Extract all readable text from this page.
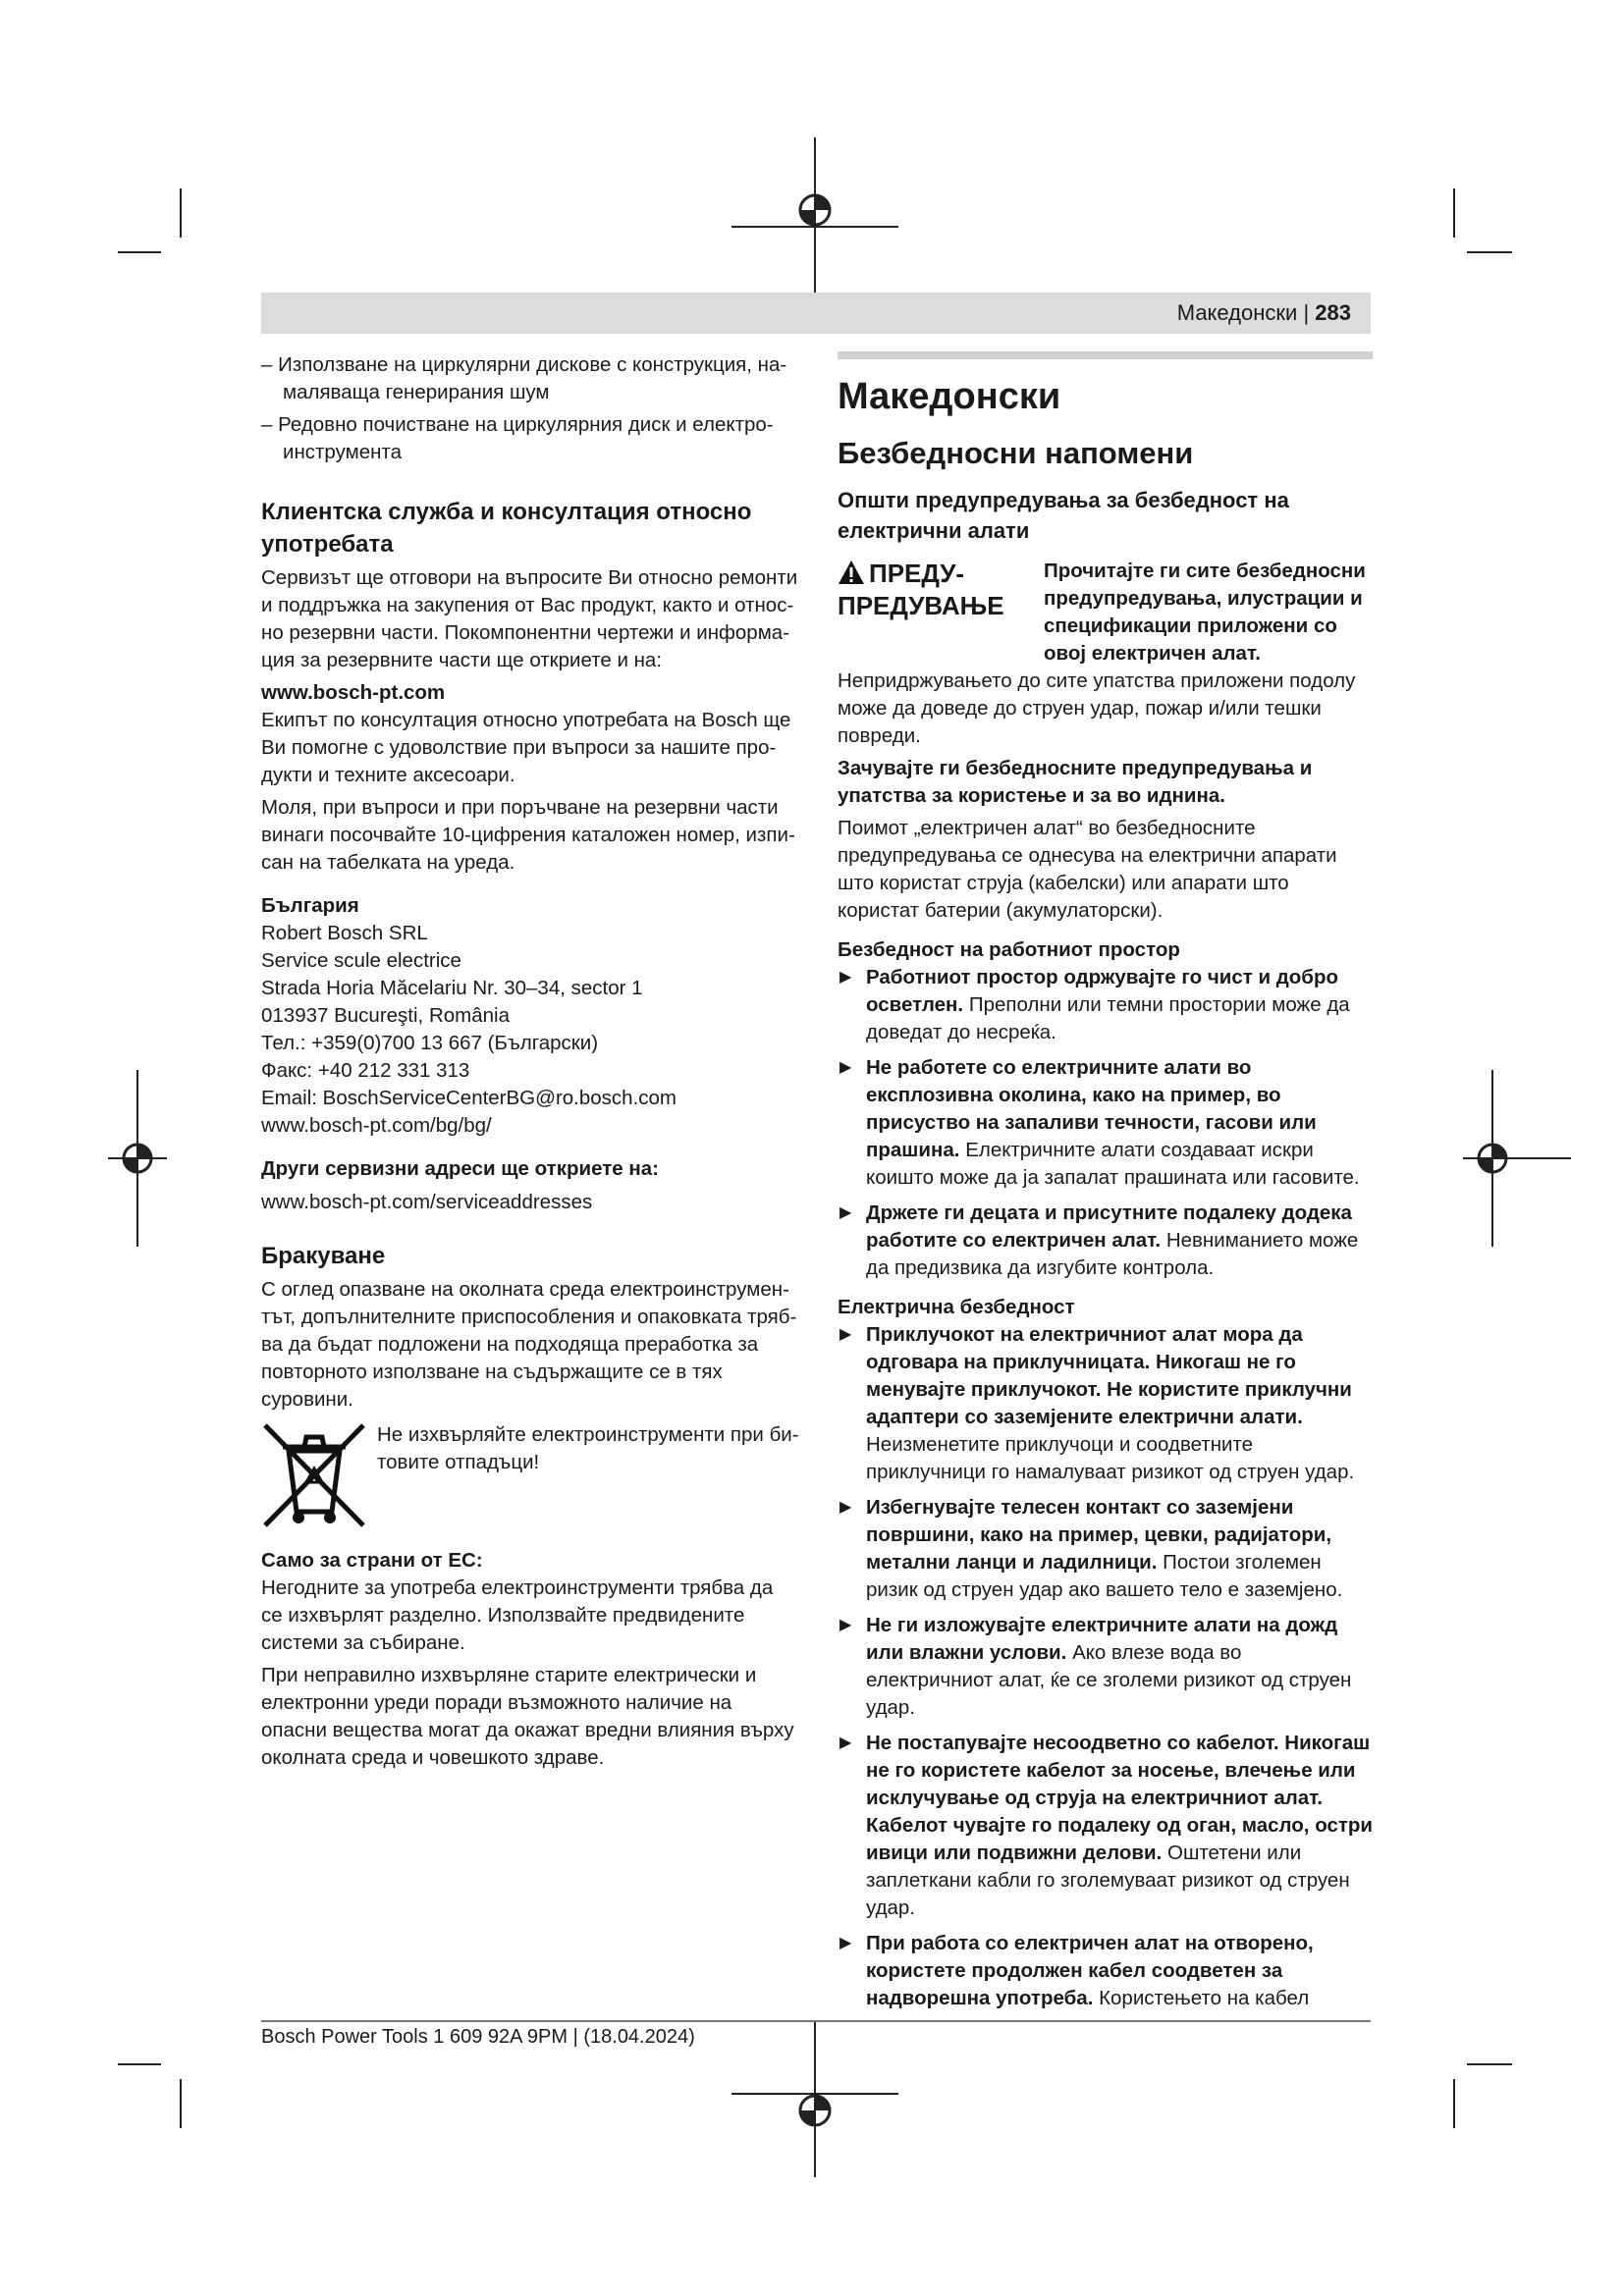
Македонски | 283
– Използване на циркулярни дискове с конструкция, намаляваща генерирания шум
– Редовно почистване на циркулярния диск и електроинструмента
Клиентска служба и консултация относно употребата
Сервизът ще отговори на въпросите Ви относно ремонти и поддръжка на закупения от Вас продукт, както и относно резервни части. Покомпонентни чертежи и информация за резервните части ще откриете и на:
www.bosch-pt.com
Екипът по консултация относно употребата на Bosch ще Ви помогне с удоволствие при въпроси за нашите продукти и техните аксесоари.
Моля, при въпроси и при поръчване на резервни части винаги посочвайте 10-цифрения каталожен номер, изписан на табелката на уреда.
България
Robert Bosch SRL
Service scule electrice
Strada Horia Măcelariu Nr. 30–34, sector 1
013937 Bucureşti, România
Тел.: +359(0)700 13 667 (Български)
Факс: +40 212 331 313
Email: BoschServiceCenterBG@ro.bosch.com
www.bosch-pt.com/bg/bg/
Други сервизни адреси ще откриете на:
www.bosch-pt.com/serviceaddresses
Бракуване
С оглед опазване на околната среда електроинструментът, допълнителните приспособления и опаковката трябва да бъдат подложени на подходяща преработка за повторното използване на съдържащите се в тях суровини.
Не изхвърляйте електроинструменти при битовите отпадъци!
Само за страни от ЕС:
Негодните за употреба електроинструменти трябва да се изхвърлят разделно. Използвайте предвидените системи за събиране.
При неправилно изхвърляне старите електрически и електронни уреди поради възможното наличие на опасни вещества могат да окажат вредни влияния върху околната среда и човешкото здраве.
Македонски
Безбедносни напомени
Општи предупредувања за безбедност на електрични алати
ПРЕДУПРЕДУВАЊЕ
Прочитајте ги сите безбедносни предупредувања, илустрации и спецификации приложени со овој електричен алат.
Непридржувањето до сите упатства приложени подолу може да доведе до струен удар, пожар и/или тешки повреди.
Зачувајте ги безбедносните предупредувања и упатства за користење и за во иднина.
Поимот „електричен алат“ во безбедносните предупредувања се однесува на електрични апарати што користат струја (кабелски) или апарати што користат батерии (акумулаторски).
Безбедност на работниот простор
▶ Работниот простор одржувајте го чист и добро осветлен. Преполни или темни простории може да доведат до несреќа.
▶ Не работете со електричните алати во експлозивна околина, како на пример, во присуство на запаливи течности, гасови или прашина. Електричните алати создаваат искри коишто може да ја запалат прашината или гасовите.
▶ Држете ги децата и присутните подалеку додека работите со електричен алат. Невниманието може да предизвика да изгубите контрола.
Електрична безбедност
▶ Приклучокот на електричниот алат мора да одговара на приклучницата. Никогаш не го менувајте приклучокот. Не користите приклучни адаптери со заземјените електрични алати. Неизменетите приклучоци и соодветните приклучници го намалуваат ризикот од струен удар.
▶ Избегнувајте телесен контакт со заземјени површини, како на пример, цевки, радијатори, метални ланци и ладилници. Постои зголемен ризик од струен удар ако вашето тело е заземјено.
▶ Не ги изложувајте електричните алати на дожд или влажни услови. Ако влезе вода во електричниот алат, ќе се зголеми ризикот од струен удар.
▶ Не постапувајте несоодветно со кабелот. Никогаш не го користете кабелот за носење, влечење или исклучување од струја на електричниот алат. Кабелот чувајте го подалеку од оган, масло, остри ивици или подвижни делови. Оштетени или заплеткани кабли го зголемуваат ризикот од струен удар.
▶ При работа со електричен алат на отворено, користете продолжен кабел соодветен за надворешна употреба. Користењето на кабел
Bosch Power Tools 1 609 92A 9PM | (18.04.2024)
